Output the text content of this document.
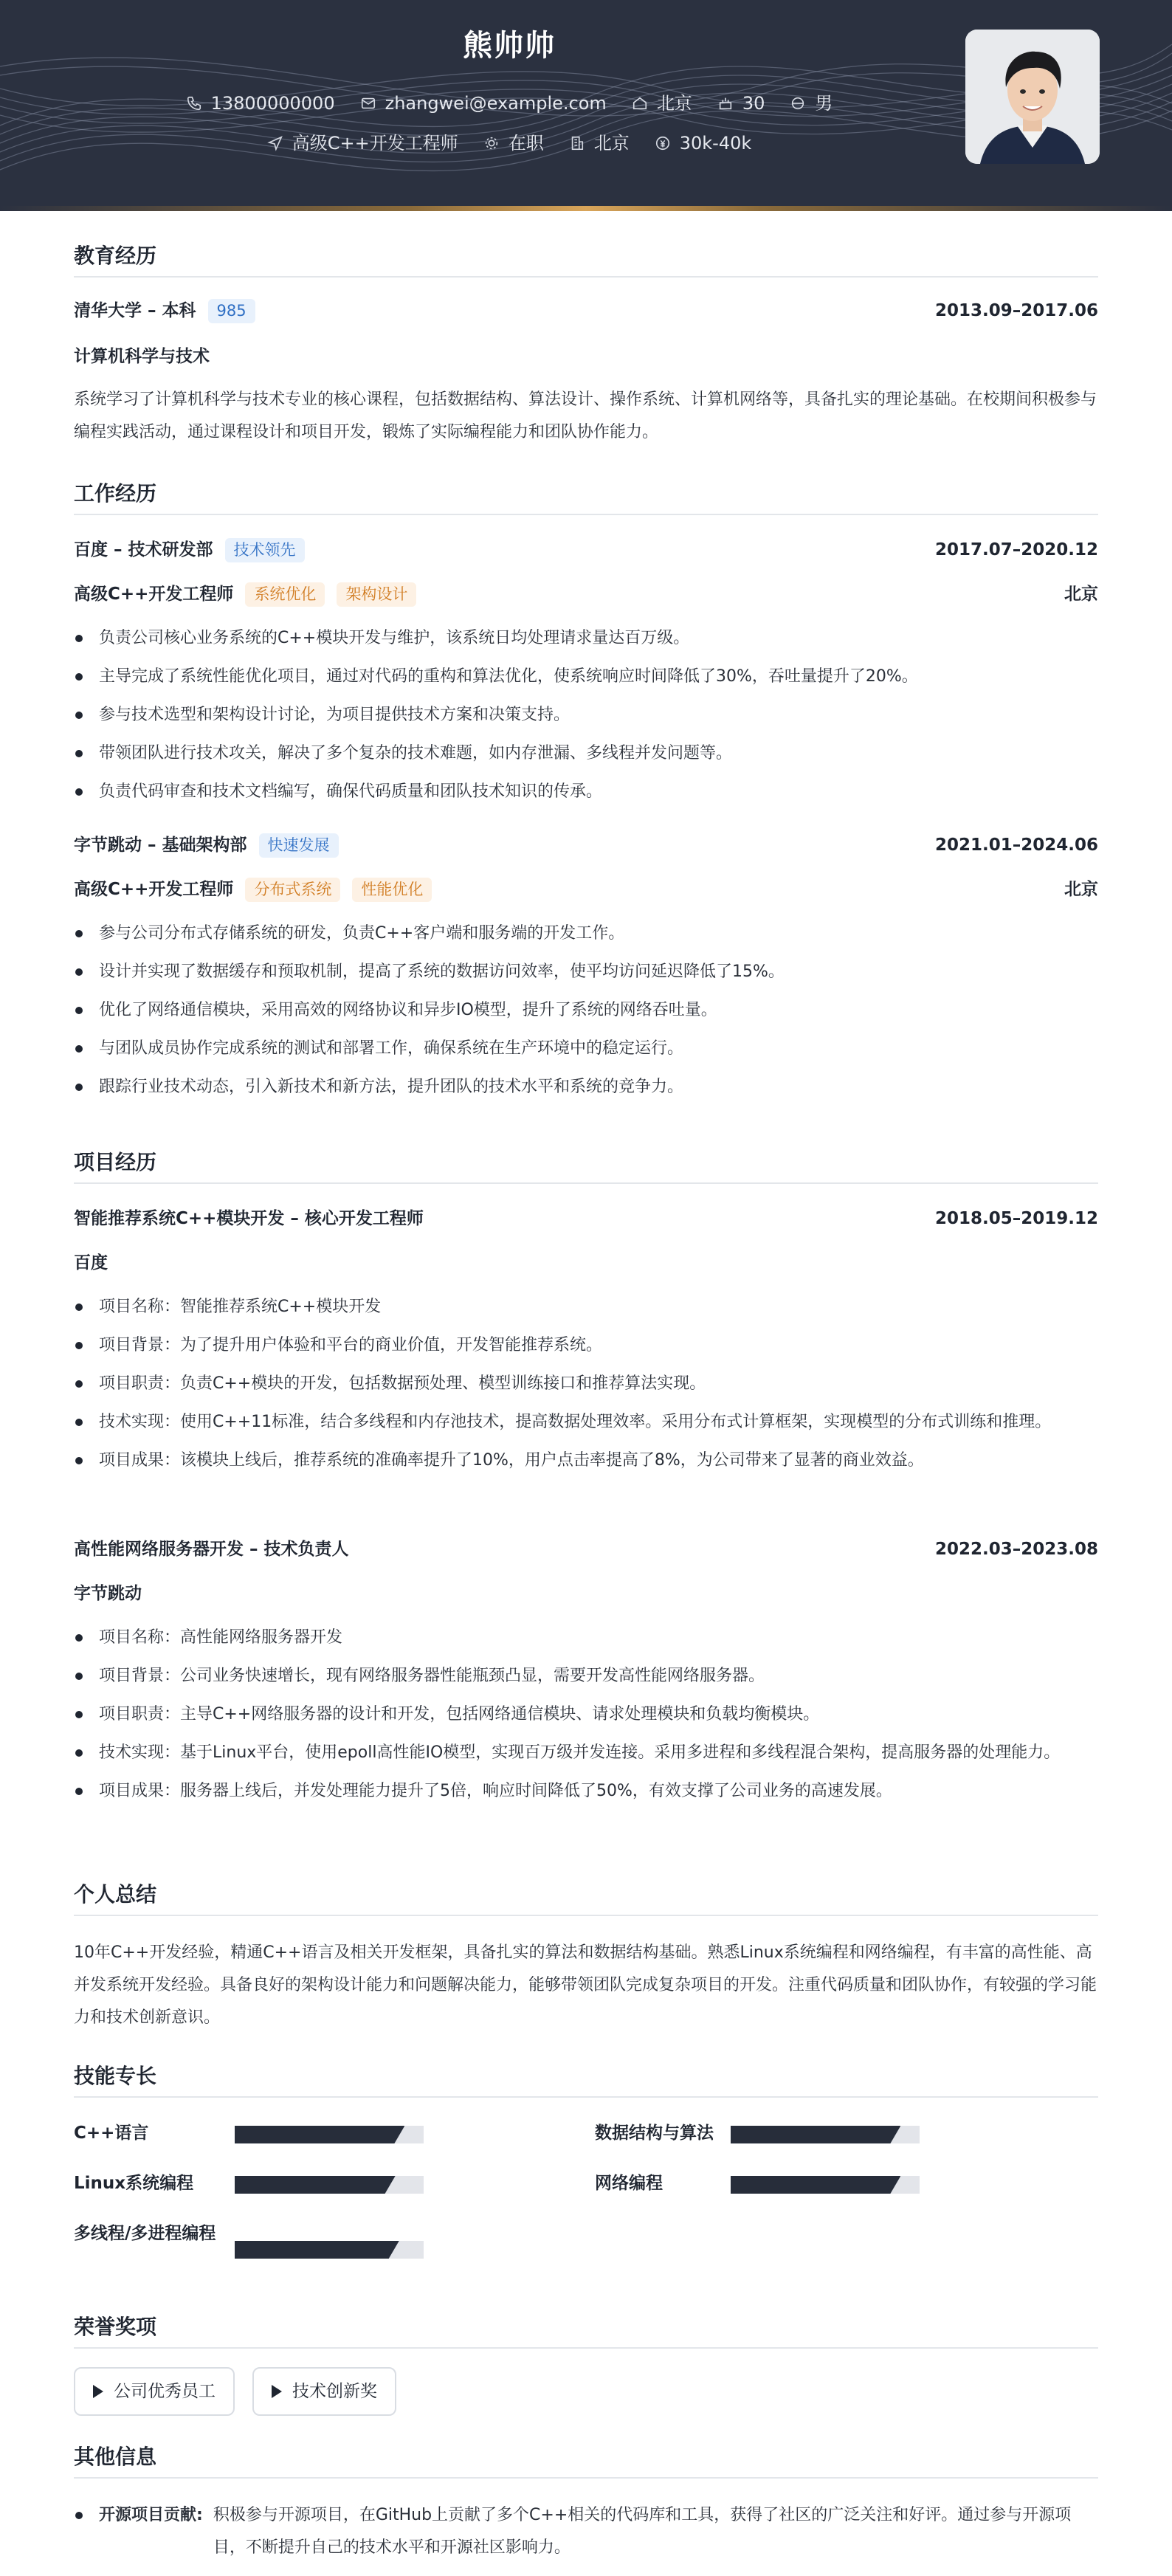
熊帅帅
13800000000	zhangwei@example.com	北京	30	男
高级C++开发工程师	在职	北京	30k-40k
教育经历
清华大学 – 本科	985	2013.09–2017.06
计算机科学与技术
系统学习了计算机科学与技术专业的核心课程，包括数据结构、算法设计、操作系统、计算机网络等，具备扎实的理论基础。在校期间积极参与编程实践活动，通过课程设计和项目开发，锻炼了实际编程能力和团队协作能力。
工作经历
百度 – 技术研发部	技术领先	2017.07–2020.12
高级C++开发工程师	系统优化	架构设计	北京
负责公司核心业务系统的C++模块开发与维护，该系统日均处理请求量达百万级。
主导完成了系统性能优化项目，通过对代码的重构和算法优化，使系统响应时间降低了30%，吞吐量提升了20%。
参与技术选型和架构设计讨论，为项目提供技术方案和决策支持。
带领团队进行技术攻关，解决了多个复杂的技术难题，如内存泄漏、多线程并发问题等。
负责代码审查和技术文档编写，确保代码质量和团队技术知识的传承。
字节跳动 – 基础架构部	快速发展	2021.01–2024.06
高级C++开发工程师	分布式系统	性能优化	北京
参与公司分布式存储系统的研发，负责C++客户端和服务端的开发工作。
设计并实现了数据缓存和预取机制，提高了系统的数据访问效率，使平均访问延迟降低了15%。
优化了网络通信模块，采用高效的网络协议和异步IO模型，提升了系统的网络吞吐量。
与团队成员协作完成系统的测试和部署工作，确保系统在生产环境中的稳定运行。
跟踪行业技术动态，引入新技术和新方法，提升团队的技术水平和系统的竞争力。
项目经历
智能推荐系统C++模块开发 – 核心开发工程师	2018.05–2019.12
百度
项目名称：智能推荐系统C++模块开发
项目背景：为了提升用户体验和平台的商业价值，开发智能推荐系统。
项目职责：负责C++模块的开发，包括数据预处理、模型训练接口和推荐算法实现。
技术实现：使用C++11标准，结合多线程和内存池技术，提高数据处理效率。采用分布式计算框架，实现模型的分布式训练和推理。
项目成果：该模块上线后，推荐系统的准确率提升了10%，用户点击率提高了8%，为公司带来了显著的商业效益。
高性能网络服务器开发 – 技术负责人	2022.03–2023.08
字节跳动
项目名称：高性能网络服务器开发
项目背景：公司业务快速增长，现有网络服务器性能瓶颈凸显，需要开发高性能网络服务器。
项目职责：主导C++网络服务器的设计和开发，包括网络通信模块、请求处理模块和负载均衡模块。
技术实现：基于Linux平台，使用epoll高性能IO模型，实现百万级并发连接。采用多进程和多线程混合架构，提高服务器的处理能力。
项目成果：服务器上线后，并发处理能力提升了5倍，响应时间降低了50%，有效支撑了公司业务的高速发展。
个人总结
10年C++开发经验，精通C++语言及相关开发框架，具备扎实的算法和数据结构基础。熟悉Linux系统编程和网络编程，有丰富的高性能、高并发系统开发经验。具备良好的架构设计能力和问题解决能力，能够带领团队完成复杂项目的开发。注重代码质量和团队协作，有较强的学习能力和技术创新意识。
技能专长
C++语言	数据结构与算法
Linux系统编程	网络编程
多线程/多进程编程
荣誉奖项
公司优秀员工	技术创新奖
其他信息
开源项目贡献: 积极参与开源项目，在GitHub上贡献了多个C++相关的代码库和工具，获得了社区的广泛关注和好评。通过参与开源项目，不断提升自己的技术水平和开源社区影响力。
